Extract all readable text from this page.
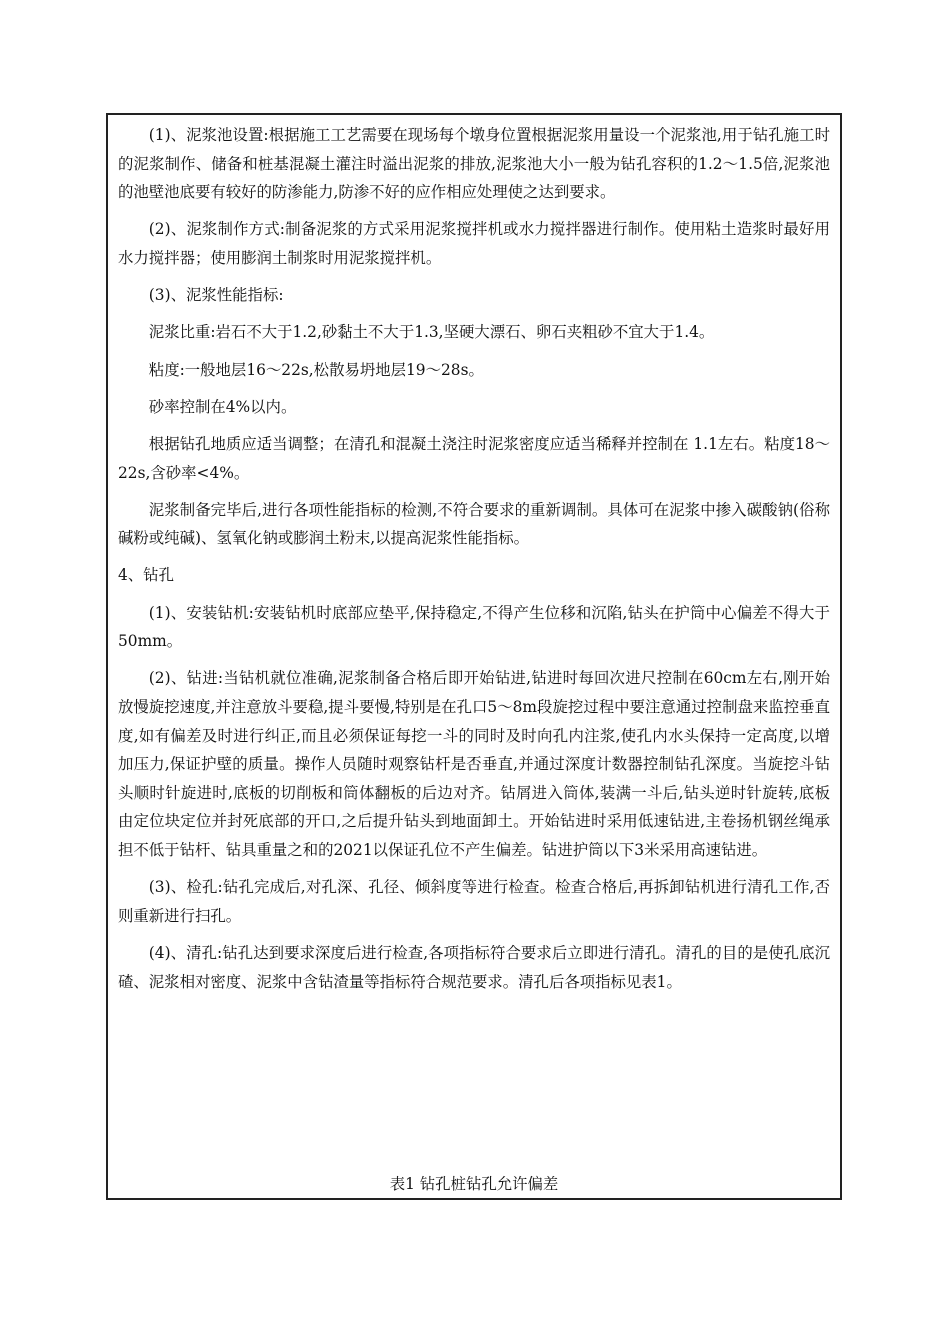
(1)、泥浆池设置:根据施工工艺需要在现场每个墩身位置根据泥浆用量设一个泥浆池,用于钻孔施工时的泥浆制作、储备和桩基混凝土灌注时溢出泥浆的排放,泥浆池大小一般为钻孔容积的1.2～1.5倍,泥浆池的池壁池底要有较好的防渗能力,防渗不好的应作相应处理使之达到要求。

(2)、泥浆制作方式:制备泥浆的方式采用泥浆搅拌机或水力搅拌器进行制作。使用粘土造浆时最好用水力搅拌器；使用膨润土制浆时用泥浆搅拌机。

(3)、泥浆性能指标:

泥浆比重:岩石不大于1.2,砂黏土不大于1.3,坚硬大漂石、卵石夹粗砂不宜大于1.4。

粘度:一般地层16～22s,松散易坍地层19～28s。

砂率控制在4%以内。

根据钻孔地质应适当调整；在清孔和混凝土浇注时泥浆密度应适当稀释并控制在 1.1左右。粘度18～22s,含砂率<4%。

泥浆制备完毕后,进行各项性能指标的检测,不符合要求的重新调制。具体可在泥浆中掺入碳酸钠(俗称碱粉或纯碱)、氢氧化钠或膨润土粉末,以提高泥浆性能指标。

4、钻孔

(1)、安装钻机:安装钻机时底部应垫平,保持稳定,不得产生位移和沉陷,钻头在护筒中心偏差不得大于50mm。

(2)、钻进:当钻机就位准确,泥浆制备合格后即开始钻进,钻进时每回次进尺控制在60cm左右,刚开始放慢旋挖速度,并注意放斗要稳,提斗要慢,特别是在孔口5～8m段旋挖过程中要注意通过控制盘来监控垂直度,如有偏差及时进行纠正,而且必须保证每挖一斗的同时及时向孔内注浆,使孔内水头保持一定高度,以增加压力,保证护壁的质量。操作人员随时观察钻杆是否垂直,并通过深度计数器控制钻孔深度。当旋挖斗钻头顺时针旋进时,底板的切削板和筒体翻板的后边对齐。钻屑进入筒体,装满一斗后,钻头逆时针旋转,底板由定位块定位并封死底部的开口,之后提升钻头到地面卸土。开始钻进时采用低速钻进,主卷扬机钢丝绳承担不低于钻杆、钻具重量之和的2021以保证孔位不产生偏差。钻进护筒以下3米采用高速钻进。

(3)、检孔:钻孔完成后,对孔深、孔径、倾斜度等进行检查。检查合格后,再拆卸钻机进行清孔工作,否则重新进行扫孔。

(4)、清孔:钻孔达到要求深度后进行检查,各项指标符合要求后立即进行清孔。清孔的目的是使孔底沉碴、泥浆相对密度、泥浆中含钻渣量等指标符合规范要求。清孔后各项指标见表1。

表1 钻孔桩钻孔允许偏差
